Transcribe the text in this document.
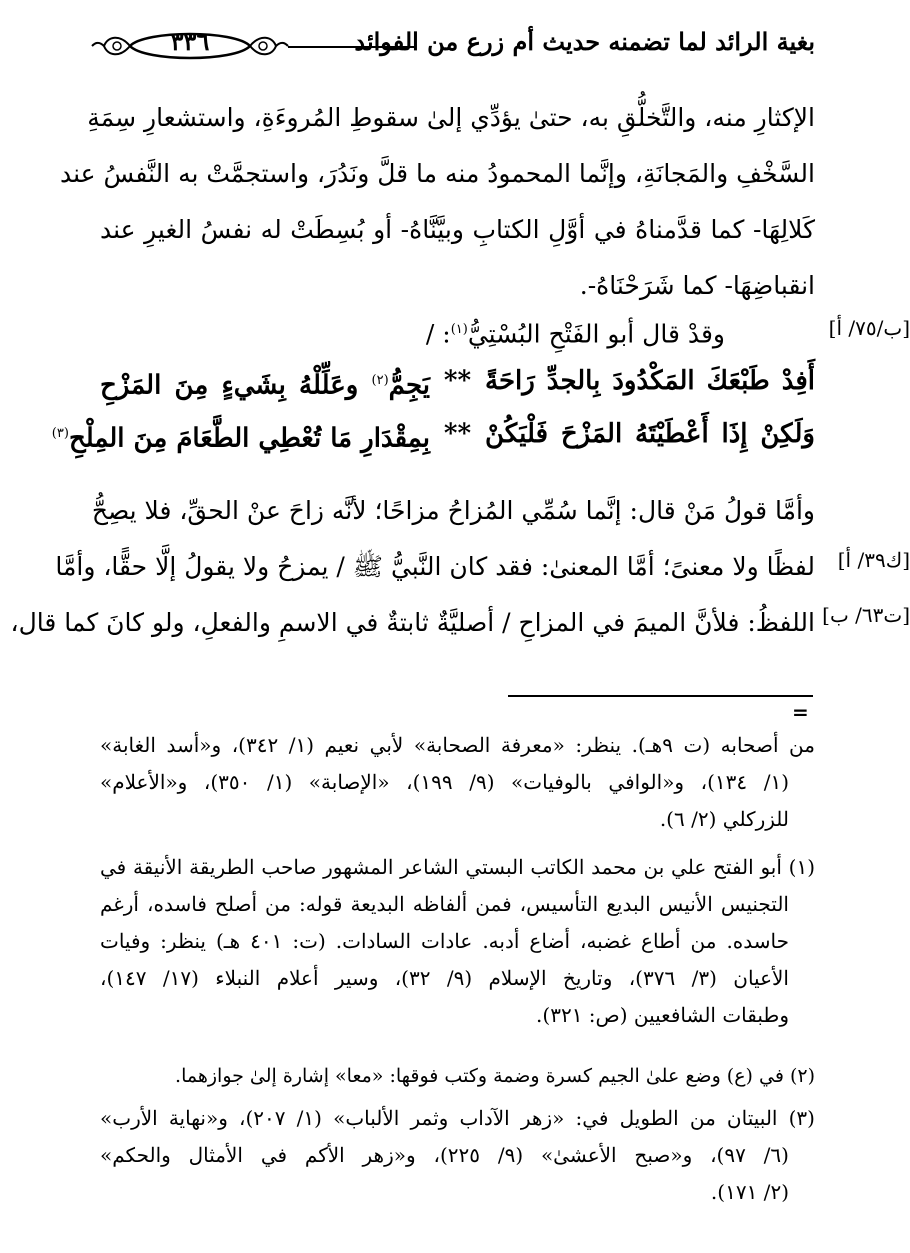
٣٣٦	بغية الرائد لما تضمنه حديث أم زرع من الفوائد
الإكثارِ منه، والتَّخلُّقِ به، حتىٰ يؤدِّي إلىٰ سقوطِ المُروءَةِ، واستشعارِ سِمَةِ
السَّخْفِ والمَجانَةِ، وإنَّما المحمودُ منه ما قلَّ ونَدُرَ، واستجمَّتْ به النَّفسُ عند
كَلالِهَا- كما قدَّمناهُ في أوَّلِ الكتابِ وبيَّنَّاهُ- أو بُسِطَتْ له نفسُ الغيرِ عند
انقباضِهَا- كما شَرَحْنَاهُ-.
[ب/٧٥/ أ]
وقدْ قال أبو الفَتْحِ البُسْتِيُّ$^{(١)}$: /
أَفِدْ طَبْعَكَ المَكْدُودَ بِالجدِّ رَاحَةً
**
يَجِمُّ$^{(٢)}$ وعَلِّلْهُ بِشَيءٍ مِنَ المَزْحِ
وَلَكِنْ إِذَا أَعْطَيْتَهُ المَزْحَ فَلْيَكُنْ
**
بِمِقْدَارِ مَا تُعْطِي الطَّعَامَ مِنَ المِلْحِ$^{(٣)}$
وأمَّا قولُ مَنْ قال: إنَّما سُمِّي المُزاحُ مزاحًا؛ لأنَّه زاحَ عنْ الحقِّ، فلا يصِحُّ
لفظًا ولا معنىً؛ أمَّا المعنىٰ: فقد كان النَّبيُّ ﷺ / يمزحُ ولا يقولُ إلَّا حقًّا، وأمَّا
اللفظُ: فلأنَّ الميمَ في المزاحِ / أصليَّةٌ ثابتةٌ في الاسمِ والفعلِ، ولو كانَ كما قال،
[ك٣٩/ أ]
[ت٦٣/ ب]
=
من أصحابه (ت ٩هـ). ينظر: «معرفة الصحابة» لأبي نعيم (١/ ٣٤٢)، و«أسد الغابة»
(١/ ١٣٤)، و«الوافي بالوفيات» (٩/ ١٩٩)، «الإصابة» (١/ ٣٥٠)، و«الأعلام»
للزركلي (٢/ ٦).
(١) أبو الفتح علي بن محمد الكاتب البستي الشاعر المشهور صاحب الطريقة الأنيقة في
التجنيس الأنيس البديع التأسيس، فمن ألفاظه البديعة قوله: من أصلح فاسده، أرغم
حاسده. من أطاع غضبه، أضاع أدبه. عادات السادات. (ت: ٤٠١ هـ) ينظر: وفيات
الأعيان (٣/ ٣٧٦)، وتاريخ الإسلام (٩/ ٣٢)، وسير أعلام النبلاء (١٧/ ١٤٧)،
وطبقات الشافعيين (ص: ٣٢١).
(٢) في (ع) وضع علىٰ الجيم كسرة وضمة وكتب فوقها: «معا» إشارة إلىٰ جوازهما.
(٣) البيتان من الطويل في: «زهر الآداب وثمر الألباب» (١/ ٢٠٧)، و«نهاية الأرب»
(٦/ ٩٧)، و«صبح الأعشىٰ» (٩/ ٢٢٥)، و«زهر الأكم في الأمثال والحكم»
(٢/ ١٧١).
